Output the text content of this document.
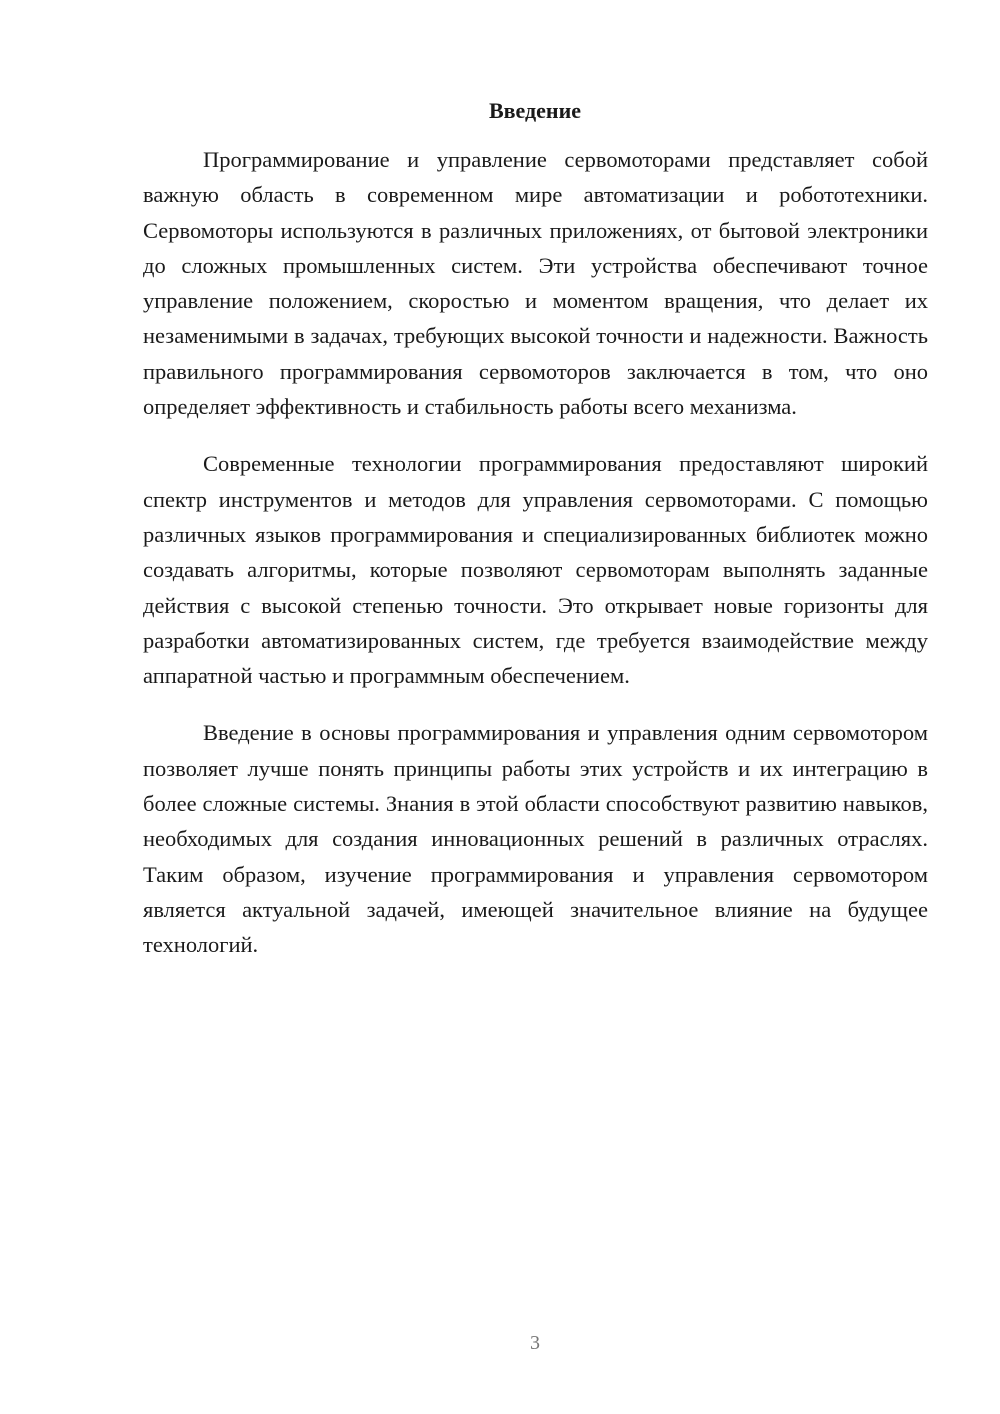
Введение

Программирование и управление сервомоторами представляет собой важную область в современном мире автоматизации и робототехники. Сервомоторы используются в различных приложениях, от бытовой электроники до сложных промышленных систем. Эти устройства обеспечивают точное управление положением, скоростью и моментом вращения, что делает их незаменимыми в задачах, требующих высокой точности и надежности. Важность правильного программирования сервомоторов заключается в том, что оно определяет эффективность и стабильность работы всего механизма.

Современные технологии программирования предоставляют широкий спектр инструментов и методов для управления сервомоторами. С помощью различных языков программирования и специализированных библиотек можно создавать алгоритмы, которые позволяют сервомоторам выполнять заданные действия с высокой степенью точности. Это открывает новые горизонты для разработки автоматизированных систем, где требуется взаимодействие между аппаратной частью и программным обеспечением.

Введение в основы программирования и управления одним сервомотором позволяет лучше понять принципы работы этих устройств и их интеграцию в более сложные системы. Знания в этой области способствуют развитию навыков, необходимых для создания инновационных решений в различных отраслях. Таким образом, изучение программирования и управления сервомотором является актуальной задачей, имеющей значительное влияние на будущее технологий.

3
